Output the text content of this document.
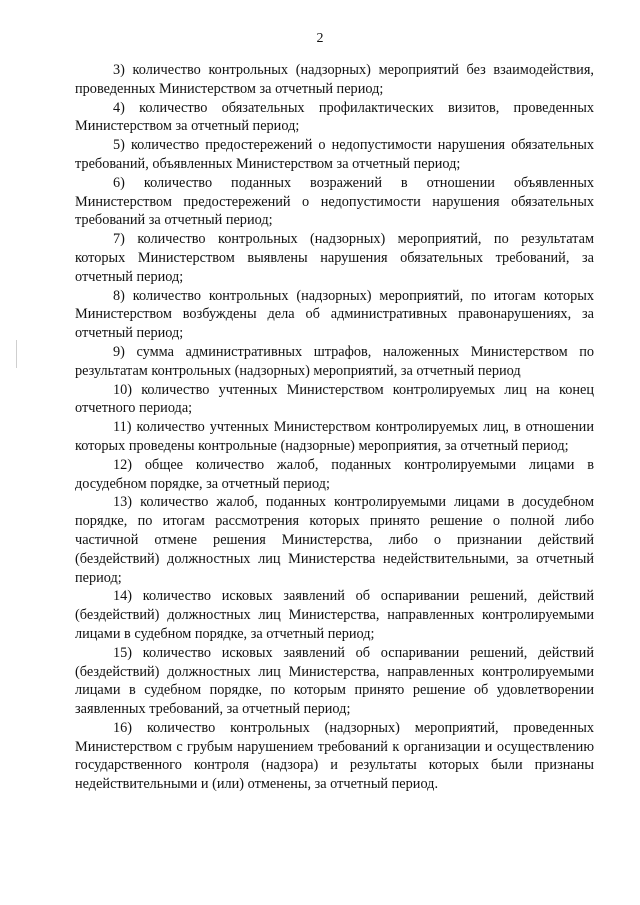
2

3) количество контрольных (надзорных) мероприятий без взаимодействия, проведенных Министерством за отчетный период;

4) количество обязательных профилактических визитов, проведенных Министерством за отчетный период;

5) количество предостережений о недопустимости нарушения обязательных требований, объявленных Министерством за отчетный период;

6) количество поданных возражений в отношении объявленных Министерством предостережений о недопустимости нарушения обязательных требований за отчетный период;

7) количество контрольных (надзорных) мероприятий, по результатам которых Министерством выявлены нарушения обязательных требований, за отчетный период;

8) количество контрольных (надзорных) мероприятий, по итогам которых Министерством возбуждены дела об административных правонарушениях, за отчетный период;

9) сумма административных штрафов, наложенных Министерством по результатам контрольных (надзорных) мероприятий, за отчетный период

10) количество учтенных Министерством контролируемых лиц на конец отчетного периода;

11) количество учтенных Министерством контролируемых лиц, в отношении которых проведены контрольные (надзорные) мероприятия, за отчетный период;

12) общее количество жалоб, поданных контролируемыми лицами в досудебном порядке, за отчетный период;

13) количество жалоб, поданных контролируемыми лицами в досудебном порядке, по итогам рассмотрения которых принято решение о полной либо частичной отмене решения Министерства, либо о признании действий (бездействий) должностных лиц Министерства недействительными, за отчетный период;

14) количество исковых заявлений об оспаривании решений, действий (бездействий) должностных лиц Министерства, направленных контролируемыми лицами в судебном порядке, за отчетный период;

15) количество исковых заявлений об оспаривании решений, действий (бездействий) должностных лиц Министерства, направленных контролируемыми лицами в судебном порядке, по которым принято решение об удовлетворении заявленных требований, за отчетный период;

16) количество контрольных (надзорных) мероприятий, проведенных Министерством с грубым нарушением требований к организации и осуществлению государственного контроля (надзора) и результаты которых были признаны недействительными и (или) отменены, за отчетный период.
